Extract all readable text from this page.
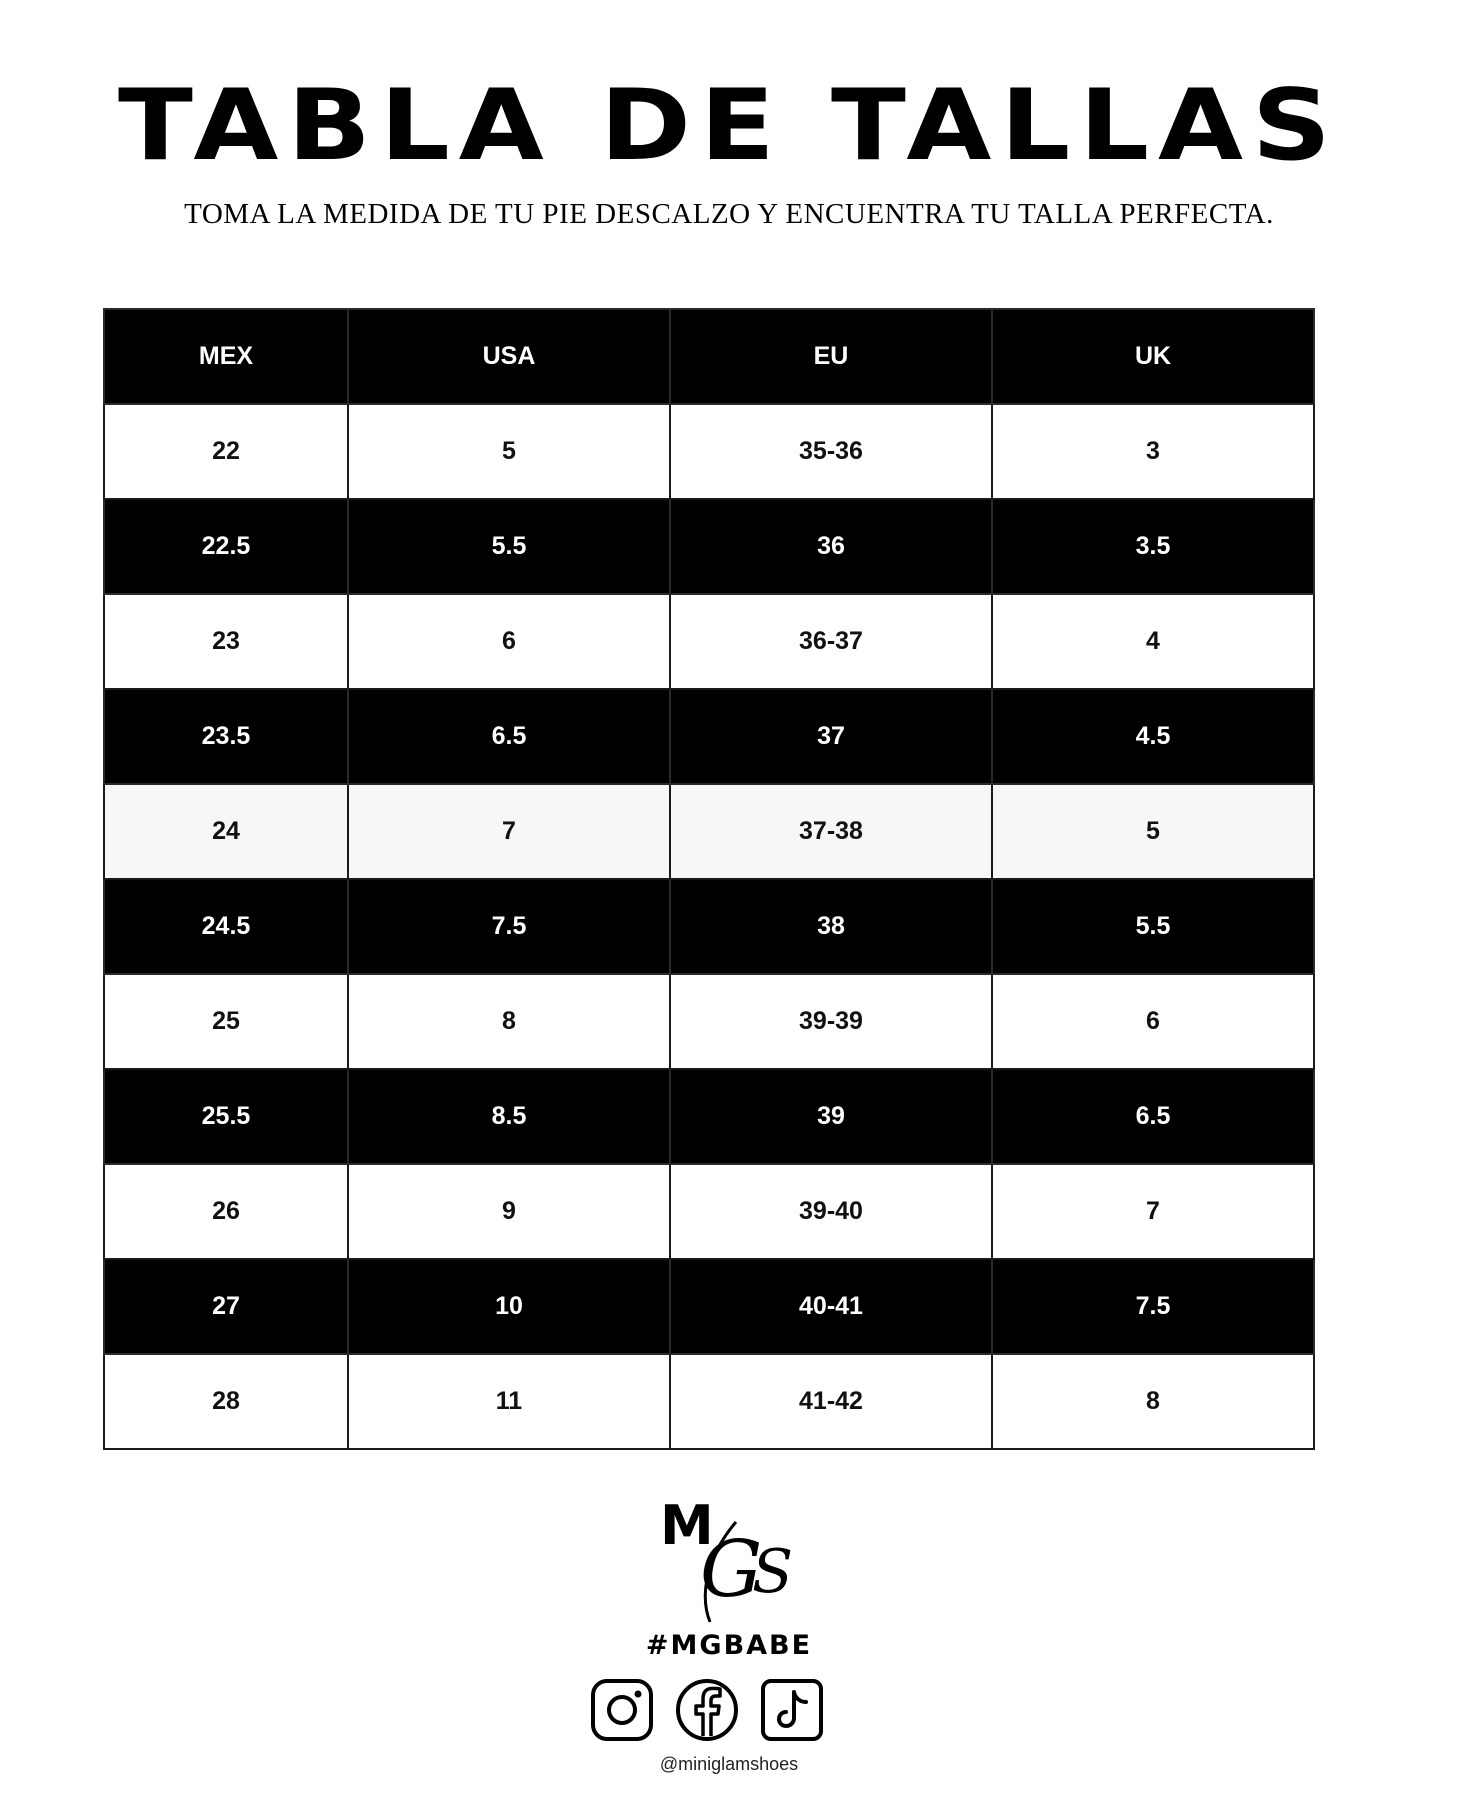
TABLA DE TALLAS
TOMA LA MEDIDA DE TU PIE DESCALZO Y ENCUENTRA TU TALLA PERFECTA.
MEX	USA	EU	UK
22	5	35-36	3
22.5	5.5	36	3.5
23	6	36-37	4
23.5	6.5	37	4.5
24	7	37-38	5
24.5	7.5	38	5.5
25	8	39-39	6
25.5	8.5	39	6.5
26	9	39-40	7
27	10	40-41	7.5
28	11	41-42	8
M
G
S
#MGBABE
@miniglamshoes
